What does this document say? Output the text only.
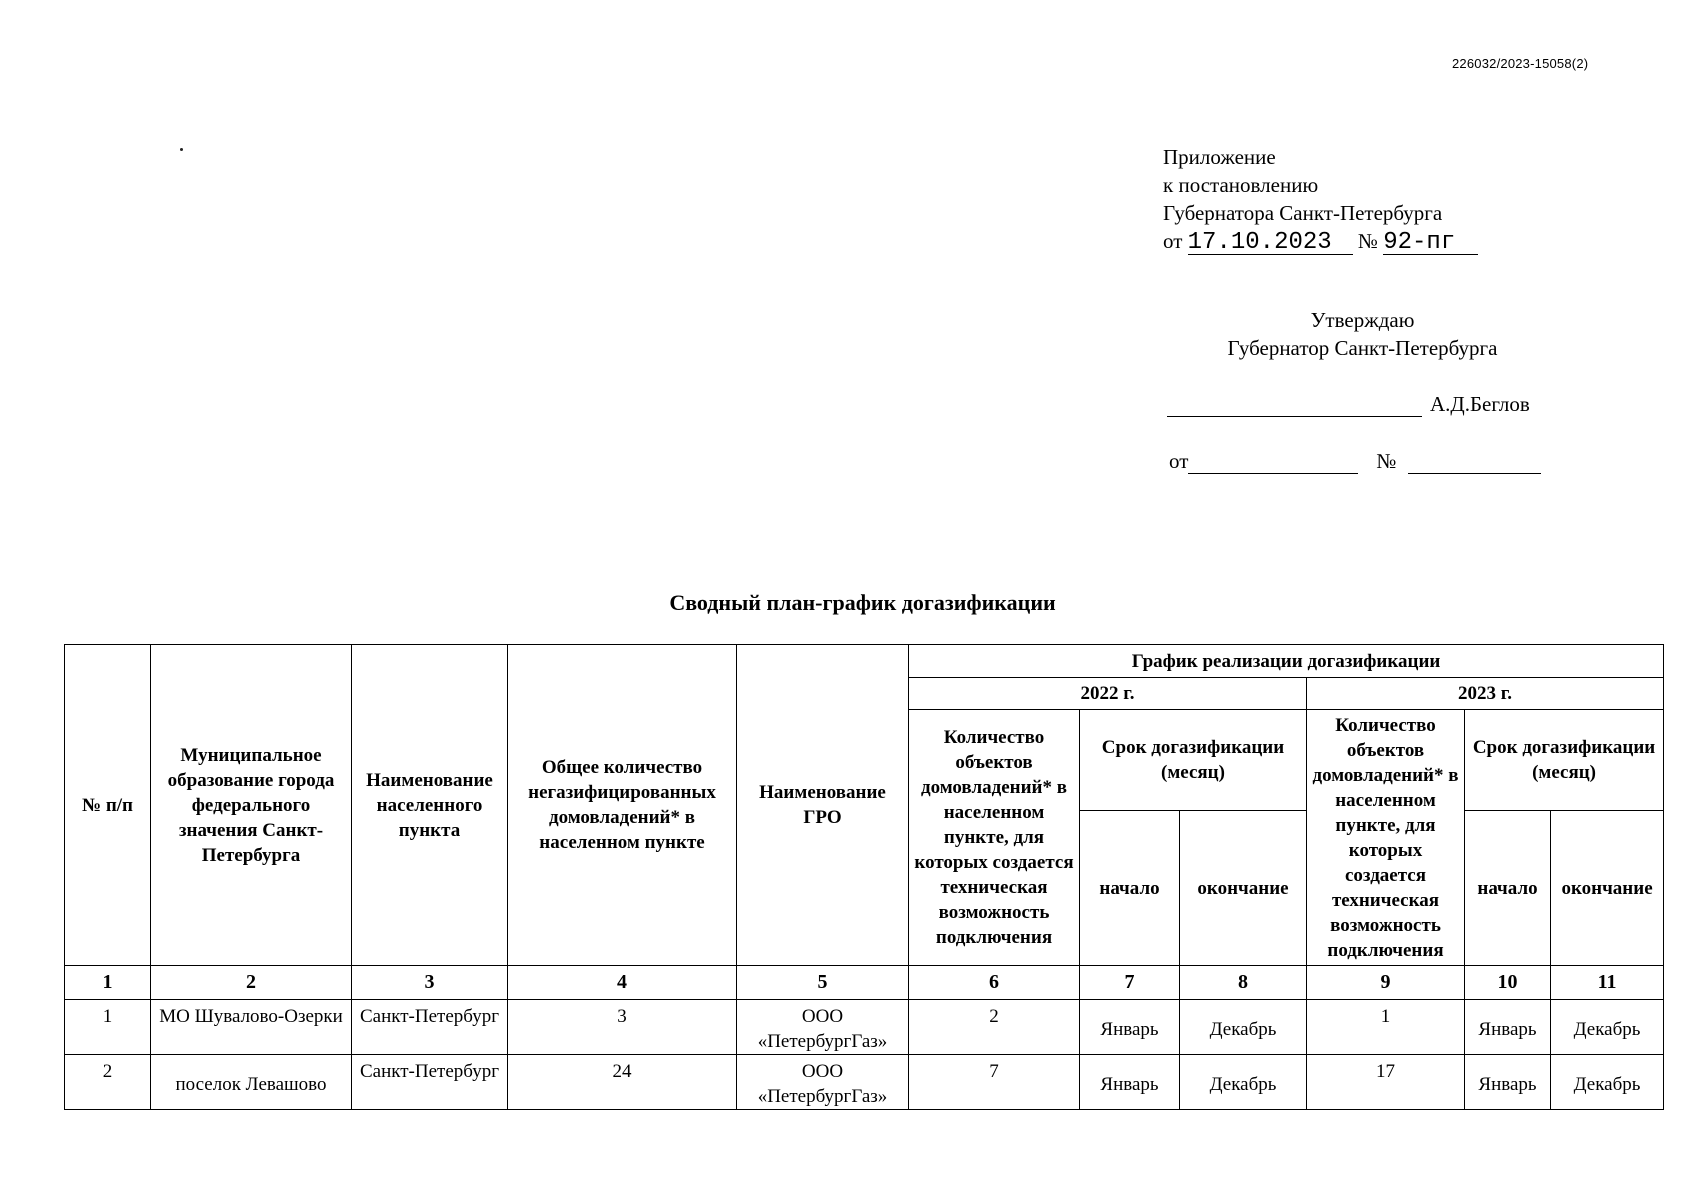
226032/2023-15058(2)
Приложение
к постановлению
Губернатора Санкт-Петербурга
от 17.10.2023 № 92-пг
Утверждаю
Губернатор Санкт-Петербурга
А.Д.Беглов
от	№
Сводный план-график догазификации
№ п/п	Муниципальное образование города федерального значения Санкт-Петербурга	Наименование населенного пункта	Общее количество негазифицированных домовладений* в населенном пункте	Наименование ГРО	График реализации догазификации					
					2022 г.			2023 г.		
					Количество объектов домовладений* в населенном пункте, для которых создается техническая возможность подключения	Срок догазификации (месяц)		Количество объектов домовладений* в населенном пункте, для которых создается техническая возможность подключения	Срок догазификации (месяц)	
						начало	окончание		начало	окончание
1	2	3	4	5	6	7	8	9	10	11
1	МО Шувалово-Озерки	Санкт-Петербург	3	ООО «ПетербургГаз»	2	Январь	Декабрь	1	Январь	Декабрь
2	поселок Левашово	Санкт-Петербург	24	ООО «ПетербургГаз»	7	Январь	Декабрь	17	Январь	Декабрь
